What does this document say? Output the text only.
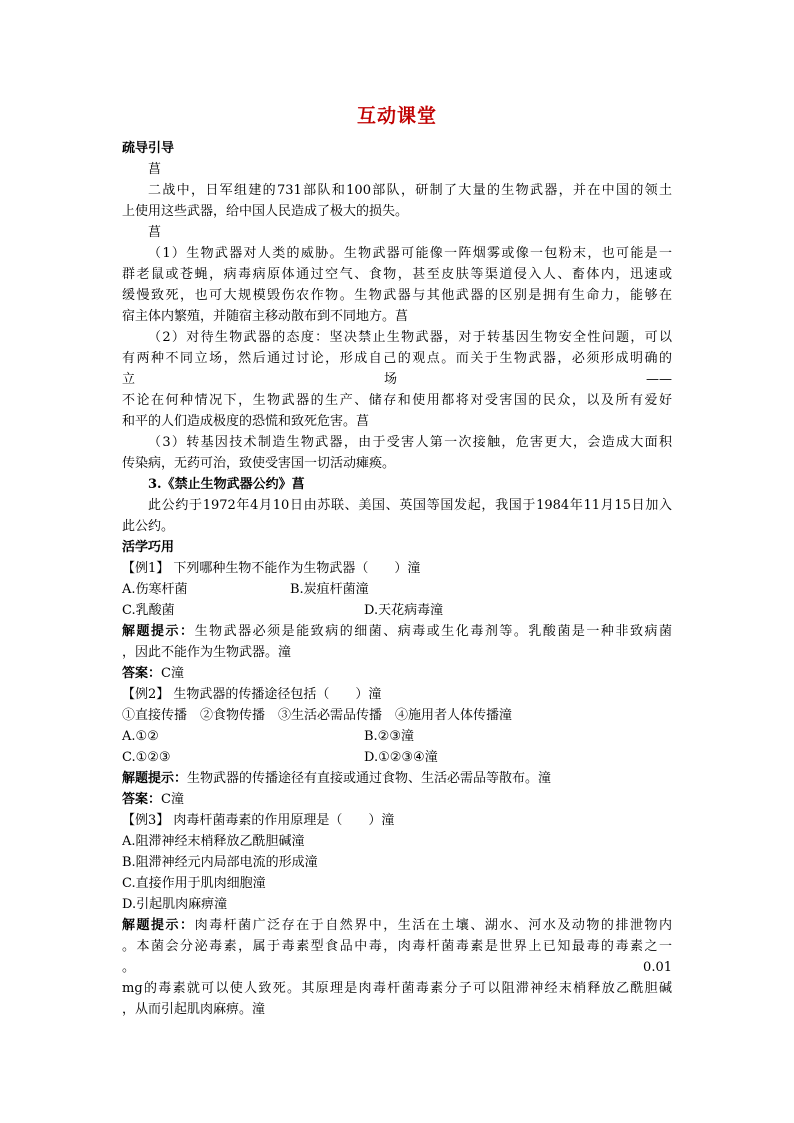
互动课堂
疏导引导
菖
二战中，日军组建的731部队和100部队，研制了大量的生物武器，并在中国的领土
上使用这些武器，给中国人民造成了极大的损失。
菖
（1）生物武器对人类的威胁。生物武器可能像一阵烟雾或像一包粉末，也可能是一
群老鼠或苍蝇，病毒病原体通过空气、食物，甚至皮肤等渠道侵入人、畜体内，迅速或
缓慢致死，也可大规模毁伤农作物。生物武器与其他武器的区别是拥有生命力，能够在
宿主体内繁殖，并随宿主移动散布到不同地方。菖
（2）对待生物武器的态度：坚决禁止生物武器，对于转基因生物安全性问题，可以
有两种不同立场，然后通过讨论，形成自己的观点。而关于生物武器，必须形成明确的
立	场	——
不论在何种情况下，生物武器的生产、储存和使用都将对受害国的民众，以及所有爱好
和平的人们造成极度的恐慌和致死危害。菖
（3）转基因技术制造生物武器，由于受害人第一次接触，危害更大，会造成大面积
传染病，无药可治，致使受害国一切活动瘫痪。
3.《禁止生物武器公约》菖
此公约于1972年4月10日由苏联、美国、英国等国发起，我国于1984年11月15日加入
此公约。
活学巧用
【例1】 下列哪种生物不能作为生物武器（　　）潼
A.伤寒杆菌	B.炭疽杆菌潼
C.乳酸菌	D.天花病毒潼
解题提示：生物武器必须是能致病的细菌、病毒或生化毒剂等。乳酸菌是一种非致病菌
，因此不能作为生物武器。潼
答案：C潼
【例2】 生物武器的传播途径包括（　　）潼
①直接传播　②食物传播　③生活必需品传播　④施用者人体传播潼
A.①②	B.②③潼
C.①②③	D.①②③④潼
解题提示：生物武器的传播途径有直接或通过食物、生活必需品等散布。潼
答案：C潼
【例3】 肉毒杆菌毒素的作用原理是（　　）潼
A.阻滞神经末梢释放乙酰胆碱潼
B.阻滞神经元内局部电流的形成潼
C.直接作用于肌肉细胞潼
D.引起肌肉麻痹潼
解题提示：肉毒杆菌广泛存在于自然界中，生活在土壤、湖水、河水及动物的排泄物内
。本菌会分泌毒素，属于毒素型食品中毒，肉毒杆菌毒素是世界上已知最毒的毒素之一
。	0.01
mg的毒素就可以使人致死。其原理是肉毒杆菌毒素分子可以阻滞神经末梢释放乙酰胆碱
，从而引起肌肉麻痹。潼
